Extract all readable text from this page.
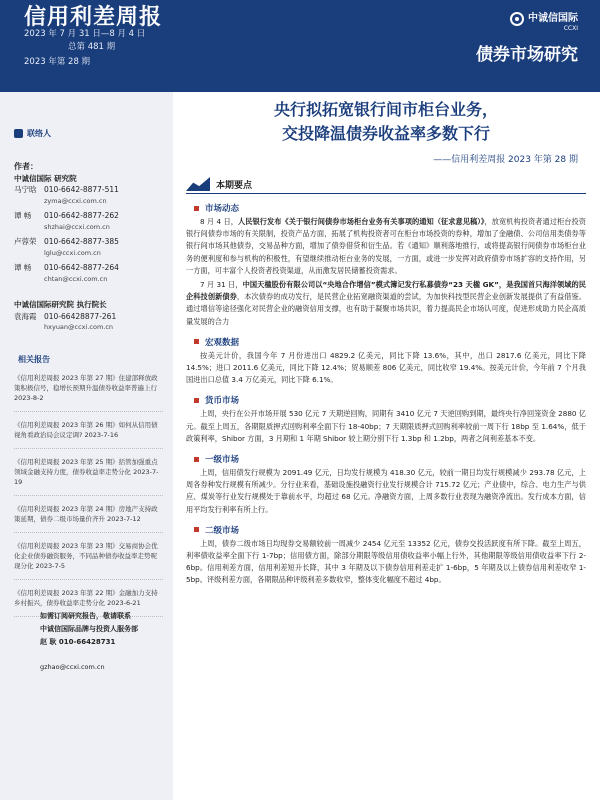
信用利差周报
2023 年 7 月 31 日—8 月 4 日
总第 481 期
2023 年第 28 期
中诚信国际
CCXI
债券市场研究
联络人
作者：
中诚信国际 研究院
马宁晗	010-6642-8877-511
zyma@ccxi.com.cn
谭 畅	010-6642-8877-262
shzhai@ccxi.com.cn
卢蓉荣	010-6642-8877-385
lglu@ccxi.com.cn
谭 畅	010-6642-8877-264
chtan@ccxi.com.cn
中诚信国际研究院 执行院长
袁海霞	010-66428877-261
hxyuan@ccxi.com.cn
相关报告
《信用利差周报 2023 年第 27 期》住建部释放政策积极信号，稳增长预期升温债券收益率普遍上行 2023-8-2
《信用利差周报 2023 年第 26 期》如何从信用债视角看政治局会议定调? 2023-7-16
《信用利差周报 2023 年第 25 期》括管加强重点领域金融支持力度，债券收益率走势分化 2023-7-19
《信用利差周报 2023 年第 24 期》房地产支持政策延期，债券二级市场量价齐升 2023-7-12
《信用利差周报 2023 年第 23 期》交易商协会优化企业债券融资服务，不同品种债券收益率走势呢现分化 2023-7-5
《信用利差周报 2023 年第 22 期》金融加力支持乡村振兴，债券收益率走势分化 2023-6-21
如需订阅研究报告，敬请联系
中诚信国际品牌与投资人服务部
赵 耿 010-66428731
gzhao@ccxi.com.cn
央行拟拓宽银行间市柜台业务，
交投降温债券收益率多数下行
——信用利差周报 2023 年第 28 期
本期要点
市场动态
8 月 4 日，人民银行发布《关于银行间债券市场柜台业务有关事项的通知（征求意见稿）》，放宽机构投资者通过柜台投资银行间债券市场的有关限制，投资产品方面，拓展了机构投资者可在柜台市场投资的券种，增加了金融债、公司信用类债券等银行间市场其他债券，交易品种方面，增加了债券借贷和衍生品。若《通知》顺利落地推行，或将提高银行间债券市场柜台业务的便利度和参与机构的积极性，有望继续推动柜台业务的发展，一方面，或进一步发挥对政府债券市场扩容的支持作用，另一方面，可丰富个人投资者投资渠道，从而激发居民储蓄投资需求。
7 月 31 日，中国天楹股份有限公司以“央地合作增信”模式簿记发行私募债券“23 天楹 GK”，是我国首只海洋领域的民企科技创新债券，本次债券的成功发行，是民营企业拓宽融资渠道的尝试，为加快科技型民营企业创新发展提供了有益借鉴。通过增信等途径强化对民营企业的融资信用支撑，也有助于凝聚市场共识，着力提高民企市场认可度，促进形成助力民企高质量发展的合力
宏观数据
按美元计价，我国今年 7 月份进出口 4829.2 亿美元，同比下降 13.6%，其中，出口 2817.6 亿美元，同比下降 14.5%；进口 2011.6 亿美元，同比下降 12.4%；贸易顺差 806 亿美元，同比收窄 19.4%。按美元计价，今年前 7 个月我国进出口总值 3.4 万亿美元，同比下降 6.1%。
货币市场
上周，央行在公开市场开展 530 亿元 7 天期逆回购，同期有 3410 亿元 7 天逆回购到期，最终央行净回笼资金 2880 亿元。截至上周五，各期限质押式回购利率全面下行 18-40bp；7 天期限质押式回购利率较前一周下行 18bp 至 1.64%，低于政策利率，Shibor 方面，3 月期和 1 年期 Shibor 较上期分别下行 1.3bp 和 1.2bp，两者之间利差基本不变。
一级市场
上周，信用债发行规模为 2091.49 亿元，日均发行规模为 418.30 亿元，较前一期日均发行规模减少 293.78 亿元，上周各券种发行规模有所减少。分行业来看，基础设施投融资行业发行规模合计 715.72 亿元；产业债中，综合、电力生产与供应、煤炭等行业发行规模处于靠前水平，均超过 68 亿元。净融资方面，上周多数行业表现为融资净流出。发行成本方面，信用平均发行利率有所上行。
二级市场
上周，债券二级市场日均现券交易额较前一周减少 2454 亿元至 13352 亿元，债券交投活跃度有所下降。截至上周五，利率债收益率全面下行 1-7bp；信用债方面，除部分期限等级信用债收益率小幅上行外，其他期限等级信用债收益率下行 2-6bp。信用利差方面，信用利差短升长降，其中 3 年期及以下债券信用利差走扩 1-6bp，5 年期及以上债券信用利差收窄 1-5bp。评级利差方面，各期限品种评级利差多数收窄，整体变化幅度不超过 4bp。
